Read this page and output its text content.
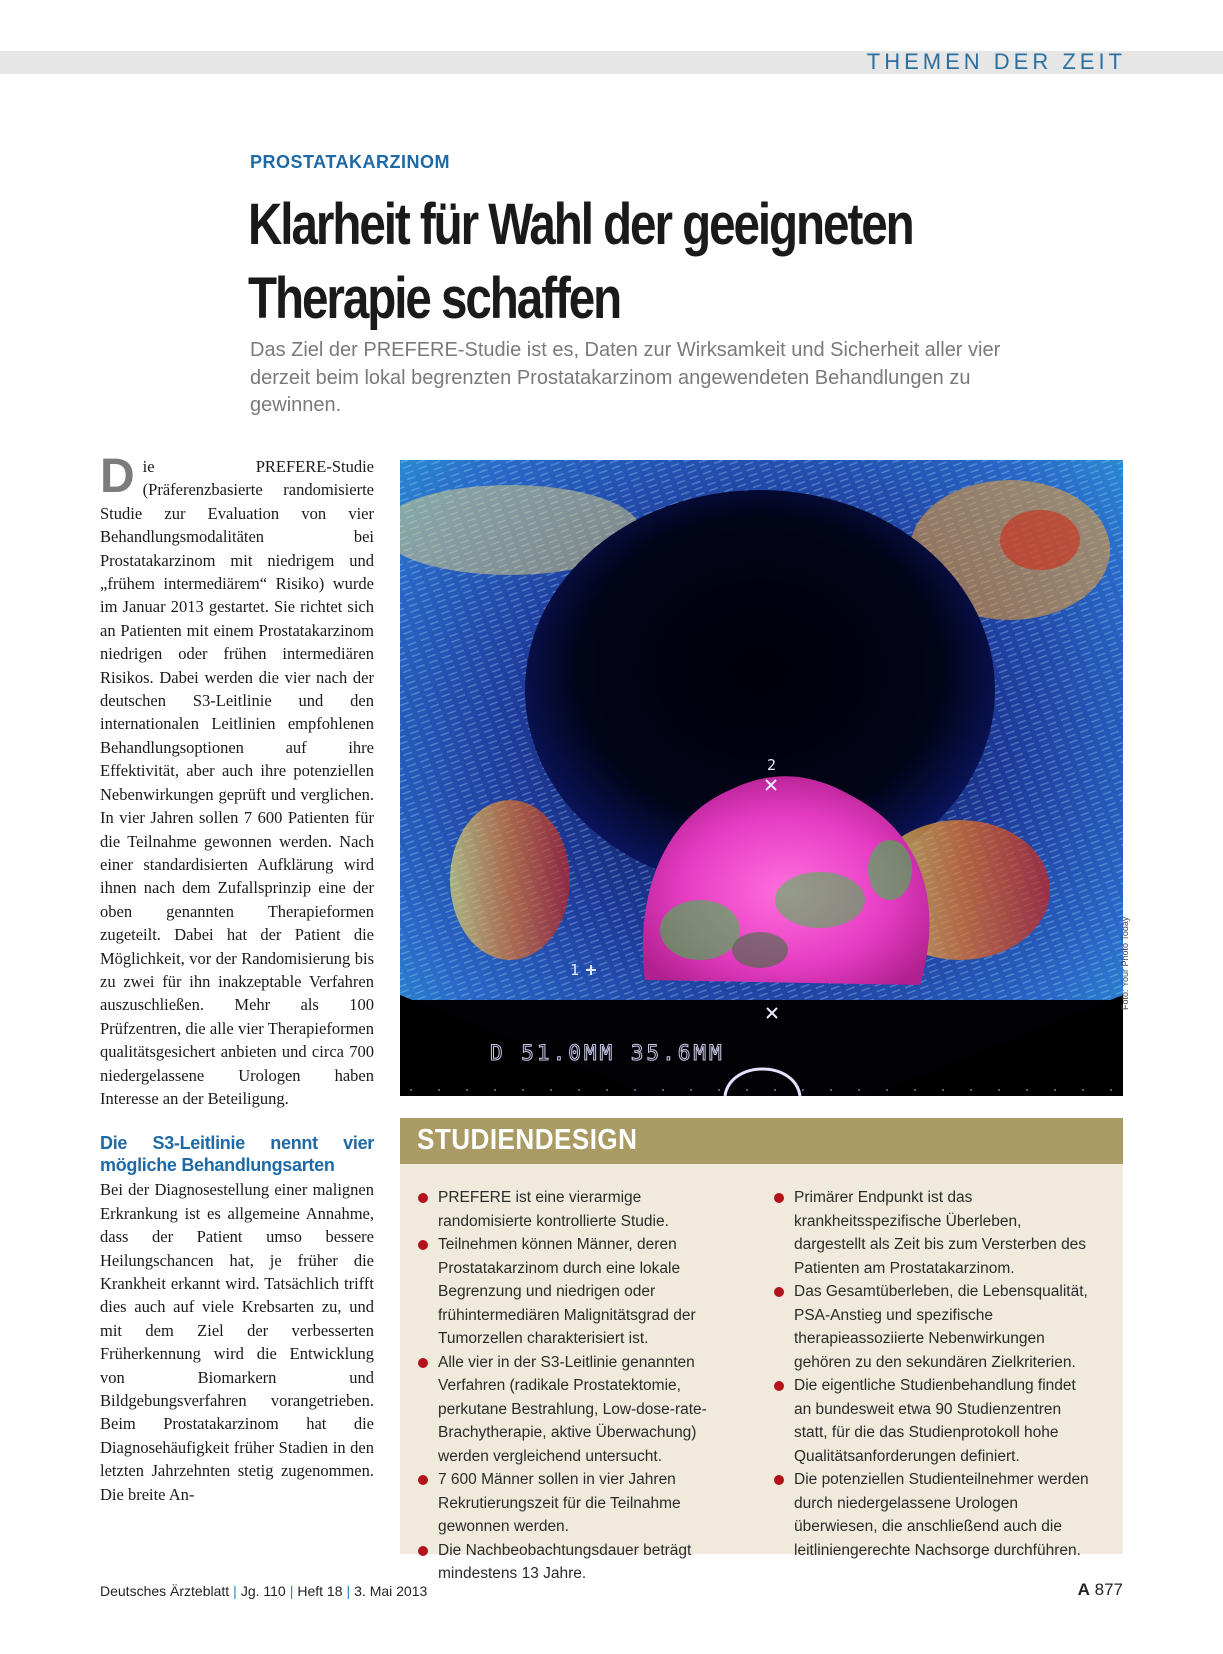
THEMEN DER ZEIT
PROSTATAKARZINOM
Klarheit für Wahl der geeigneten
Therapie schaffen

Das Ziel der PREFERE-Studie ist es, Daten zur Wirksamkeit und Sicherheit aller vier derzeit beim lokal begrenzten Prostatakarzinom angewendeten Behandlungen zu gewinnen.

Die PREFERE-Studie (Präferenzbasierte randomisierte Studie zur Evaluation von vier Behandlungsmodalitäten bei Prostatakarzinom mit niedrigem und „frühem intermediärem“ Risiko) wurde im Januar 2013 gestartet. Sie richtet sich an Patienten mit einem Prostatakarzinom niedrigen oder frühen intermediären Risikos. Dabei werden die vier nach der deutschen S3-Leitlinie und den internationalen Leitlinien empfohlenen Behandlungsoptionen auf ihre Effektivität, aber auch ihre potenziellen Nebenwirkungen geprüft und verglichen. In vier Jahren sollen 7 600 Patienten für die Teilnahme gewonnen werden. Nach einer standardisierten Aufklärung wird ihnen nach dem Zufallsprinzip eine der oben genannten Therapieformen zugeteilt. Dabei hat der Patient die Möglichkeit, vor der Randomisierung bis zu zwei für ihn inakzeptable Verfahren auszuschließen. Mehr als 100 Prüfzentren, die alle vier Therapieformen qualitätsgesichert anbieten und circa 700 niedergelassene Urologen haben Interesse an der Beteiligung.

Die S3-Leitlinie nennt vier mögliche Behandlungsarten

Bei der Diagnosestellung einer malignen Erkrankung ist es allgemeine Annahme, dass der Patient umso bessere Heilungschancen hat, je früher die Krankheit erkannt wird. Tatsächlich trifft dies auch auf viele Krebsarten zu, und mit dem Ziel der verbesserten Früherkennung wird die Entwicklung von Biomarkern und Bildgebungsverfahren vorangetrieben. Beim Prostatakarzinom hat die Diagnosehäufigkeit früher Stadien in den letzten Jahrzehnten stetig zugenommen. Die breite An-

D 51.0MM 35.6MM
1
2
Foto: Your Photo Today
STUDIENDESIGN
PREFERE ist eine vierarmige randomisierte kontrollierte Studie.
Teilnehmen können Männer, deren Prostatakarzinom durch eine lokale Begrenzung und niedrigen oder frühintermediären Malignitätsgrad der Tumorzellen charakterisiert ist.
Alle vier in der S3-Leitlinie genannten Verfahren (radikale Prostatektomie, perkutane Bestrahlung, Low-dose-rate-Brachytherapie, aktive Überwachung) werden vergleichend untersucht.
7 600 Männer sollen in vier Jahren Rekrutierungszeit für die Teilnahme gewonnen werden.
Die Nachbeobachtungsdauer beträgt mindestens 13 Jahre.
Primärer Endpunkt ist das krankheitsspezifische Überleben, dargestellt als Zeit bis zum Versterben des Patienten am Prostatakarzinom.
Das Gesamtüberleben, die Lebensqualität, PSA-Anstieg und spezifische therapieassoziierte Nebenwirkungen gehören zu den sekundären Zielkriterien.
Die eigentliche Studienbehandlung findet an bundesweit etwa 90 Studienzentren statt, für die das Studienprotokoll hohe Qualitätsanforderungen definiert.
Die potenziellen Studienteilnehmer werden durch niedergelassene Urologen überwiesen, die anschließend auch die leitliniengerechte Nachsorge durchführen.
Deutsches Ärzteblatt | Jg. 110 | Heft 18 | 3. Mai 2013	A 877
